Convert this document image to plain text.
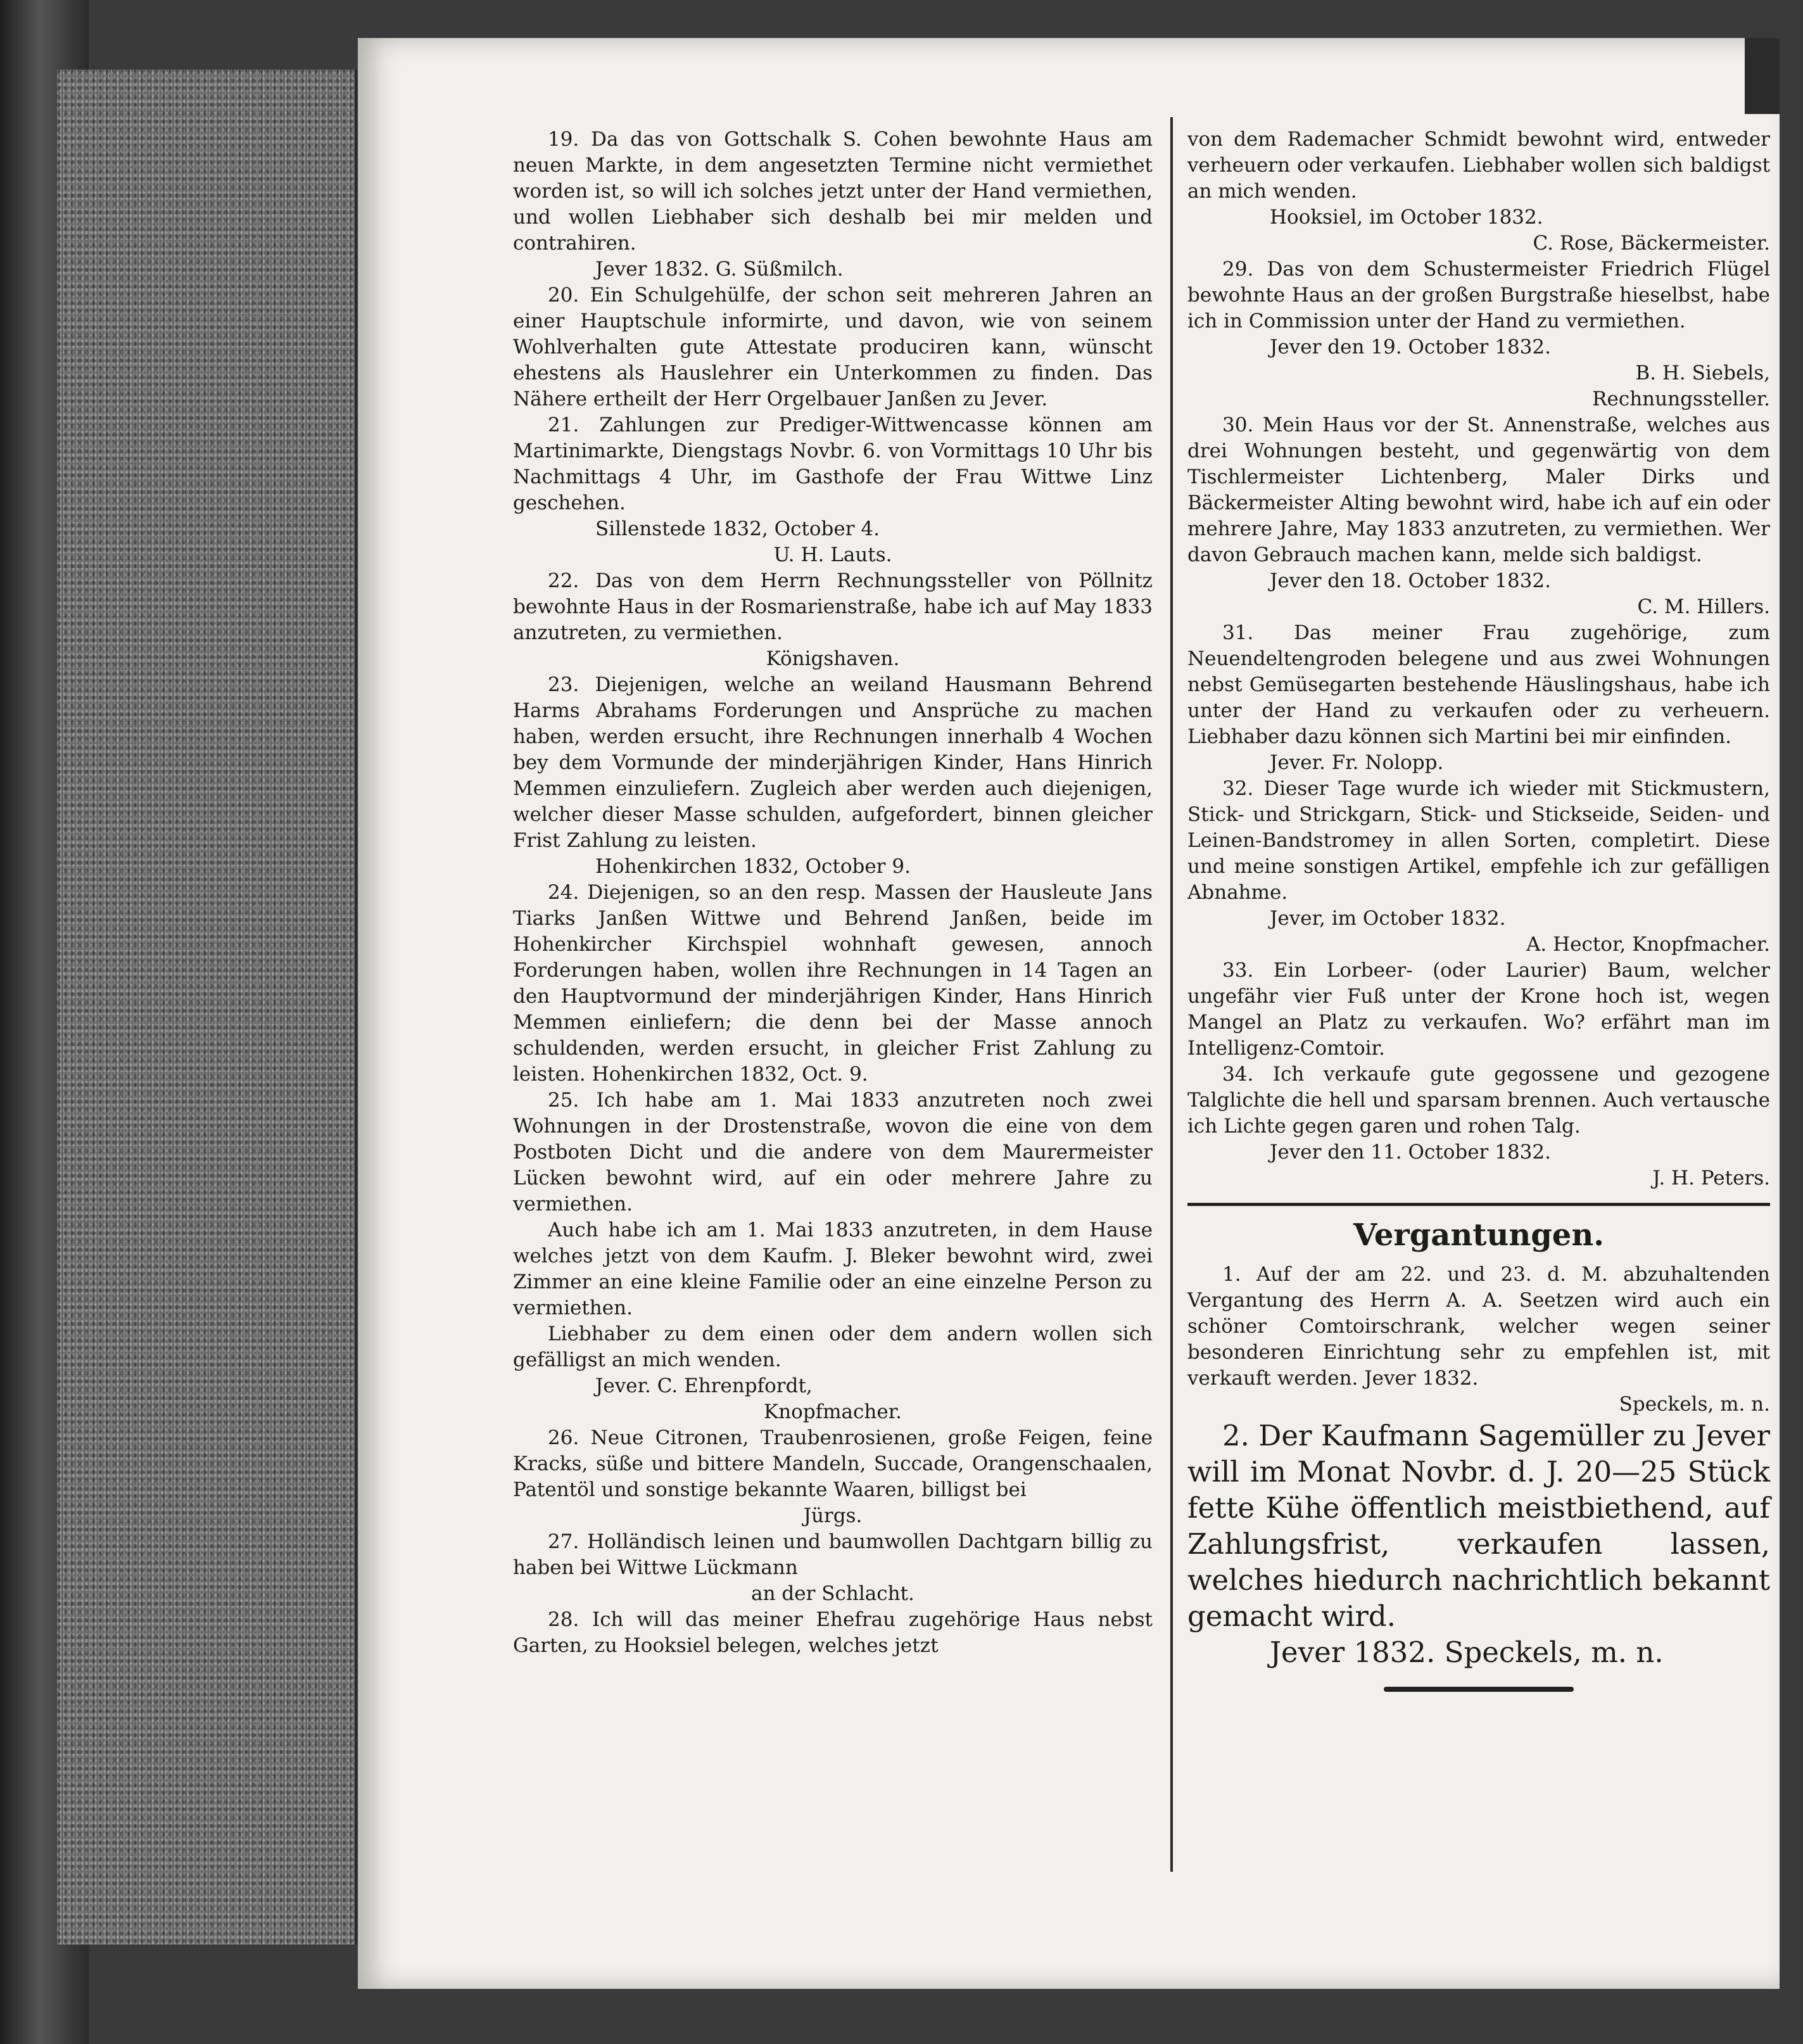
19. Da das von Gottschalk S. Cohen bewohnte Haus am neuen Markte, in dem angesetzten Termine nicht vermiethet worden ist, so will ich solches jetzt unter der Hand vermiethen, und wollen Liebhaber sich deshalb bei mir melden und contrahiren.

Jever 1832. G. Süßmilch.

20. Ein Schulgehülfe, der schon seit mehreren Jahren an einer Hauptschule informirte, und davon, wie von seinem Wohlverhalten gute Attestate produciren kann, wünscht ehestens als Hauslehrer ein Unterkommen zu finden. Das Nähere ertheilt der Herr Orgelbauer Janßen zu Jever.

21. Zahlungen zur Prediger-Wittwencasse können am Martinimarkte, Diengstags Novbr. 6. von Vormittags 10 Uhr bis Nachmittags 4 Uhr, im Gasthofe der Frau Wittwe Linz geschehen.

Sillenstede 1832, October 4.

U. H. Lauts.

22. Das von dem Herrn Rechnungssteller von Pöllnitz bewohnte Haus in der Rosmarienstraße, habe ich auf May 1833 anzutreten, zu vermiethen.

Königshaven.

23. Diejenigen, welche an weiland Hausmann Behrend Harms Abrahams Forderungen und Ansprüche zu machen haben, werden ersucht, ihre Rechnungen innerhalb 4 Wochen bey dem Vormunde der minderjährigen Kinder, Hans Hinrich Memmen einzuliefern. Zugleich aber werden auch diejenigen, welcher dieser Masse schulden, aufgefordert, binnen gleicher Frist Zahlung zu leisten.

Hohenkirchen 1832, October 9.

24. Diejenigen, so an den resp. Massen der Hausleute Jans Tiarks Janßen Wittwe und Behrend Janßen, beide im Hohenkircher Kirchspiel wohnhaft gewesen, annoch Forderungen haben, wollen ihre Rechnungen in 14 Tagen an den Hauptvormund der minderjährigen Kinder, Hans Hinrich Memmen einliefern; die denn bei der Masse annoch schuldenden, werden ersucht, in gleicher Frist Zahlung zu leisten. Hohenkirchen 1832, Oct. 9.

25. Ich habe am 1. Mai 1833 anzutreten noch zwei Wohnungen in der Drostenstraße, wovon die eine von dem Postboten Dicht und die andere von dem Maurermeister Lücken bewohnt wird, auf ein oder mehrere Jahre zu vermiethen.

Auch habe ich am 1. Mai 1833 anzutreten, in dem Hause welches jetzt von dem Kaufm. J. Bleker bewohnt wird, zwei Zimmer an eine kleine Familie oder an eine einzelne Person zu vermiethen.

Liebhaber zu dem einen oder dem andern wollen sich gefälligst an mich wenden.

Jever. C. Ehrenpfordt,

Knopfmacher.

26. Neue Citronen, Traubenrosienen, große Feigen, feine Kracks, süße und bittere Mandeln, Succade, Orangenschaalen, Patentöl und sonstige bekannte Waaren, billigst bei

Jürgs.

27. Holländisch leinen und baumwollen Dachtgarn billig zu haben bei Wittwe Lückmann

an der Schlacht.

28. Ich will das meiner Ehefrau zugehörige Haus nebst Garten, zu Hooksiel belegen, welches jetzt

von dem Rademacher Schmidt bewohnt wird, entweder verheuern oder verkaufen. Liebhaber wollen sich baldigst an mich wenden.

Hooksiel, im October 1832.

C. Rose, Bäckermeister.

29. Das von dem Schustermeister Friedrich Flügel bewohnte Haus an der großen Burgstraße hieselbst, habe ich in Commission unter der Hand zu vermiethen.

Jever den 19. October 1832.

B. H. Siebels,

Rechnungssteller.

30. Mein Haus vor der St. Annenstraße, welches aus drei Wohnungen besteht, und gegenwärtig von dem Tischlermeister Lichtenberg, Maler Dirks und Bäckermeister Alting bewohnt wird, habe ich auf ein oder mehrere Jahre, May 1833 anzutreten, zu vermiethen. Wer davon Gebrauch machen kann, melde sich baldigst.

Jever den 18. October 1832.

C. M. Hillers.

31. Das meiner Frau zugehörige, zum Neuendeltengroden belegene und aus zwei Wohnungen nebst Gemüsegarten bestehende Häuslingshaus, habe ich unter der Hand zu verkaufen oder zu verheuern. Liebhaber dazu können sich Martini bei mir einfinden.

Jever. Fr. Nolopp.

32. Dieser Tage wurde ich wieder mit Stickmustern, Stick- und Strickgarn, Stick- und Stickseide, Seiden- und Leinen-Bandstromey in allen Sorten, completirt. Diese und meine sonstigen Artikel, empfehle ich zur gefälligen Abnahme.

Jever, im October 1832.

A. Hector, Knopfmacher.

33. Ein Lorbeer- (oder Laurier) Baum, welcher ungefähr vier Fuß unter der Krone hoch ist, wegen Mangel an Platz zu verkaufen. Wo? erfährt man im Intelligenz-Comtoir.

34. Ich verkaufe gute gegossene und gezogene Talglichte die hell und sparsam brennen. Auch vertausche ich Lichte gegen garen und rohen Talg.

Jever den 11. October 1832.

J. H. Peters.

Vergantungen.

1. Auf der am 22. und 23. d. M. abzuhaltenden Vergantung des Herrn A. A. Seetzen wird auch ein schöner Comtoirschrank, welcher wegen seiner besonderen Einrichtung sehr zu empfehlen ist, mit verkauft werden. Jever 1832.

Speckels, m. n.

2. Der Kaufmann Sagemüller zu Jever will im Monat Novbr. d. J. 20—25 Stück fette Kühe öffentlich meistbiethend, auf Zahlungsfrist, verkaufen lassen, welches hiedurch nachrichtlich bekannt gemacht wird.

Jever 1832. Speckels, m. n.
